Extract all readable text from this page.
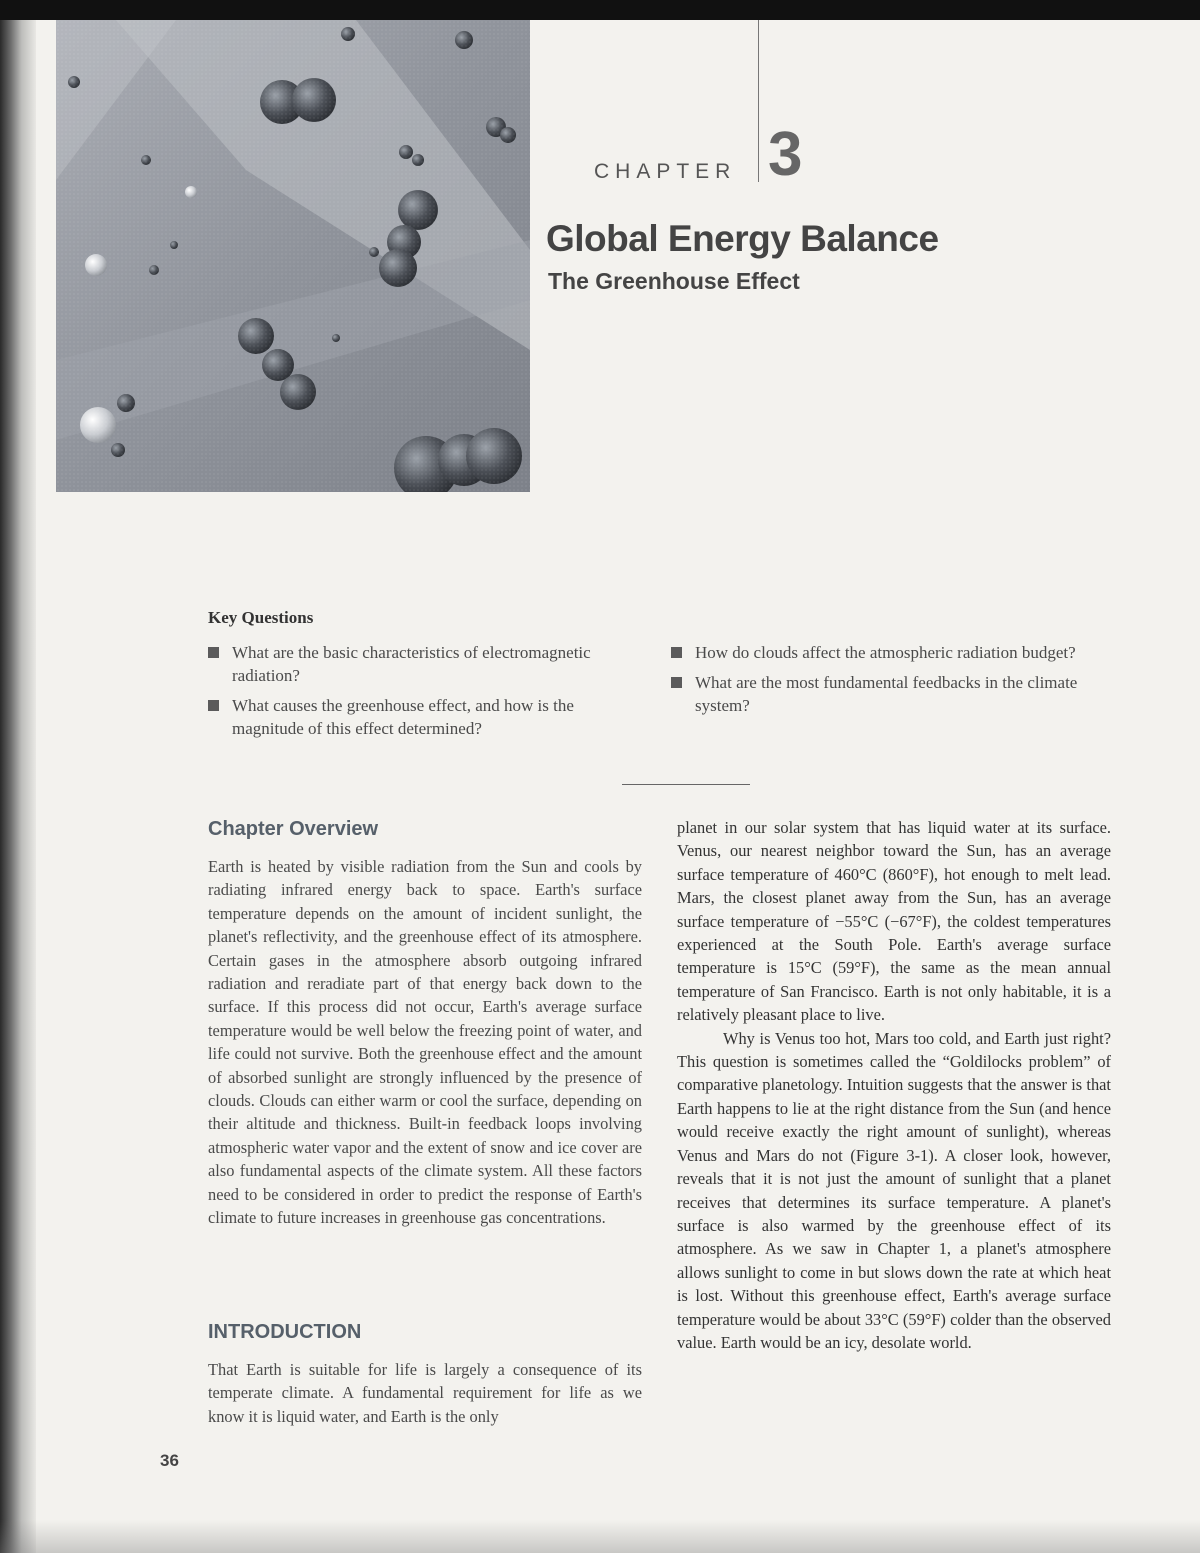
CHAPTER 3
Global Energy Balance
The Greenhouse Effect
Key Questions
What are the basic characteristics of electromagnetic radiation?
What causes the greenhouse effect, and how is the magnitude of this effect determined?
How do clouds affect the atmospheric radiation budget?
What are the most fundamental feedbacks in the climate system?
Chapter Overview

Earth is heated by visible radiation from the Sun and cools by radiating infrared energy back to space. Earth's surface temperature depends on the amount of incident sunlight, the planet's reflectivity, and the greenhouse effect of its atmosphere. Certain gases in the atmosphere absorb outgoing infrared radiation and reradiate part of that energy back down to the surface. If this process did not occur, Earth's average surface temperature would be well below the freezing point of water, and life could not survive. Both the greenhouse effect and the amount of absorbed sunlight are strongly influenced by the presence of clouds. Clouds can either warm or cool the surface, depending on their altitude and thickness. Built-in feedback loops involving atmospheric water vapor and the extent of snow and ice cover are also fundamental aspects of the climate system. All these factors need to be considered in order to predict the response of Earth's climate to future increases in greenhouse gas concentrations.

INTRODUCTION

That Earth is suitable for life is largely a consequence of its temperate climate. A fundamental requirement for life as we know it is liquid water, and Earth is the only

planet in our solar system that has liquid water at its surface. Venus, our nearest neighbor toward the Sun, has an average surface temperature of 460°C (860°F), hot enough to melt lead. Mars, the closest planet away from the Sun, has an average surface temperature of −55°C (−67°F), the coldest temperatures experienced at the South Pole. Earth's average surface temperature is 15°C (59°F), the same as the mean annual temperature of San Francisco. Earth is not only habitable, it is a relatively pleasant place to live.

Why is Venus too hot, Mars too cold, and Earth just right? This question is sometimes called the “Goldilocks problem” of comparative planetology. Intuition suggests that the answer is that Earth happens to lie at the right distance from the Sun (and hence would receive exactly the right amount of sunlight), whereas Venus and Mars do not (Figure 3-1). A closer look, however, reveals that it is not just the amount of sunlight that a planet receives that determines its surface temperature. A planet's surface is also warmed by the greenhouse effect of its atmosphere. As we saw in Chapter 1, a planet's atmosphere allows sunlight to come in but slows down the rate at which heat is lost. Without this greenhouse effect, Earth's average surface temperature would be about 33°C (59°F) colder than the observed value. Earth would be an icy, desolate world.

36
